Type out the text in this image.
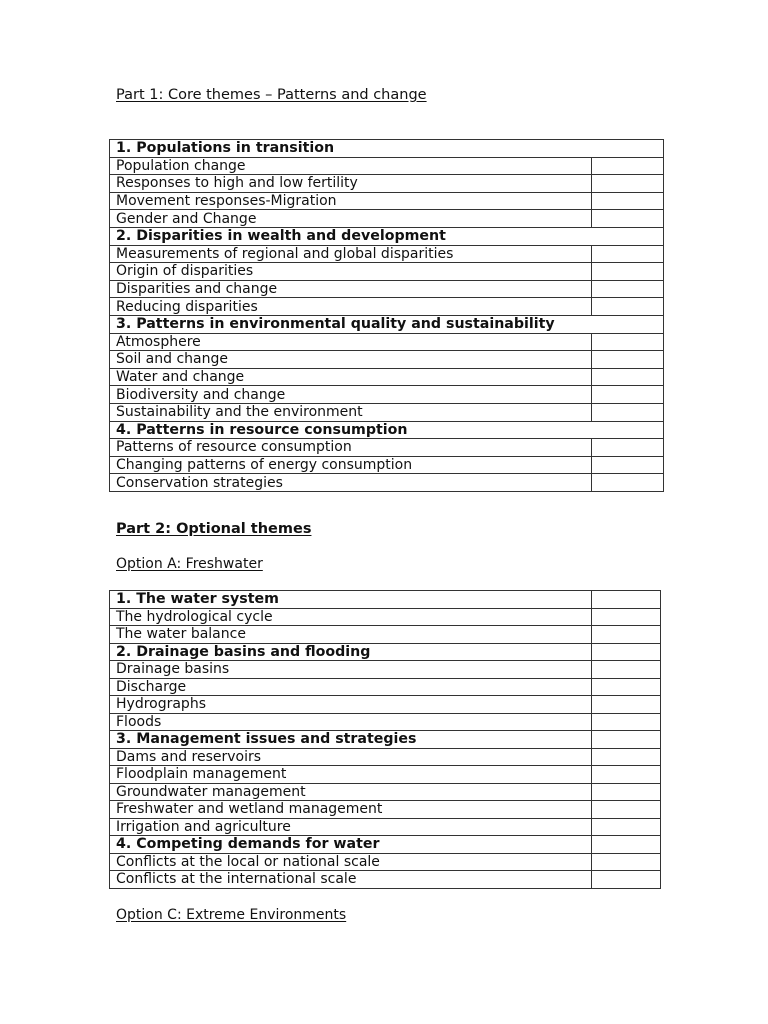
Part 1: Core themes – Patterns and change

1. Populations in transition	
Population change	
Responses to high and low fertility	
Movement responses-Migration	
Gender and Change	
2. Disparities in wealth and development	
Measurements of regional and global disparities	
Origin of disparities	
Disparities and change	
Reducing disparities	
3. Patterns in environmental quality and sustainability	
Atmosphere	
Soil and change	
Water and change	
Biodiversity and change	
Sustainability and the environment	
4. Patterns in resource consumption	
Patterns of resource consumption	
Changing patterns of energy consumption	
Conservation strategies	

Part 2: Optional themes

Option A: Freshwater

1. The water system	
The hydrological cycle	
The water balance	
2. Drainage basins and flooding	
Drainage basins	
Discharge	
Hydrographs	
Floods	
3. Management issues and strategies	
Dams and reservoirs	
Floodplain management	
Groundwater management	
Freshwater and wetland management	
Irrigation and agriculture	
4. Competing demands for water	
Conflicts at the local or national scale	
Conflicts at the international scale	

Option C: Extreme Environments
